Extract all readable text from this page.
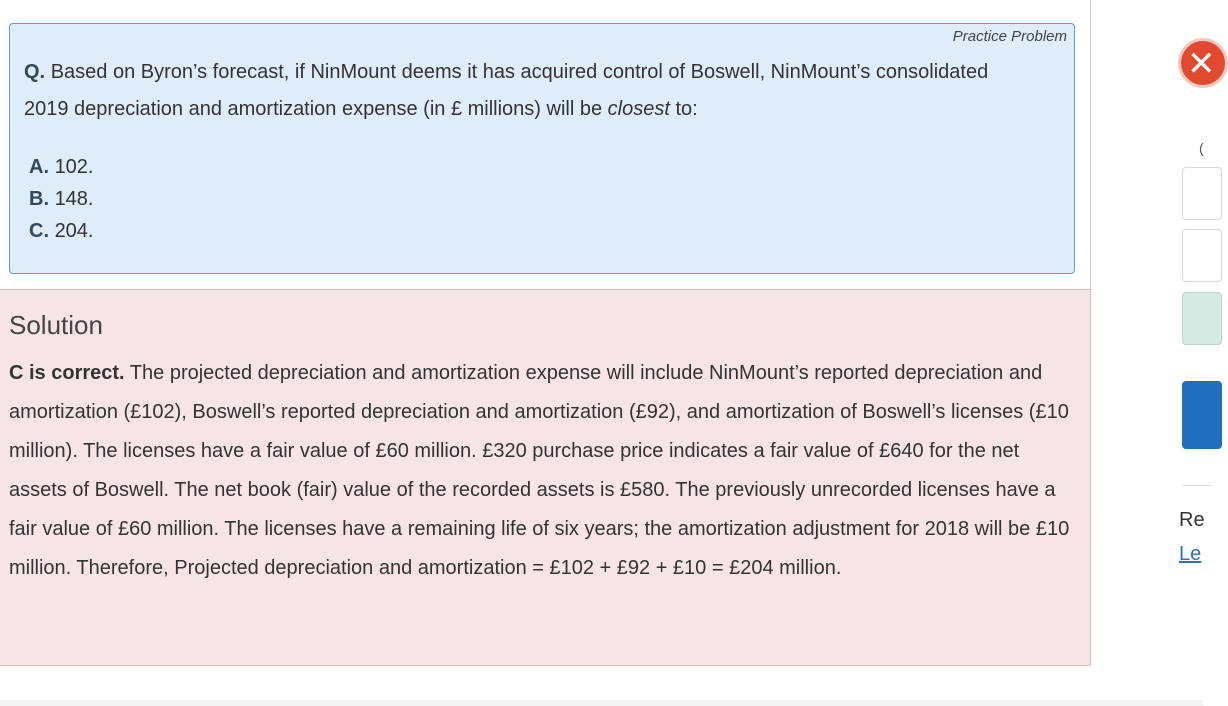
Practice Problem
Q. Based on Byron’s forecast, if NinMount deems it has acquired control of Boswell, NinMount’s consolidated 2019 depreciation and amortization expense (in £ millions) will be closest to:
A. 102.
B. 148.
C. 204.
Solution
C is correct. The projected depreciation and amortization expense will include NinMount’s reported depreciation and amortization (£102), Boswell’s reported depreciation and amortization (£92), and amortization of Boswell’s licenses (£10 million). The licenses have a fair value of £60 million. £320 purchase price indicates a fair value of £640 for the net assets of Boswell. The net book (fair) value of the recorded assets is £580. The previously unrecorded licenses have a fair value of £60 million. The licenses have a remaining life of six years; the amortization adjustment for 2018 will be £10 million. Therefore, Projected depreciation and amortization = £102 + £92 + £10 = £204 million.
✕
(
Re
Le
